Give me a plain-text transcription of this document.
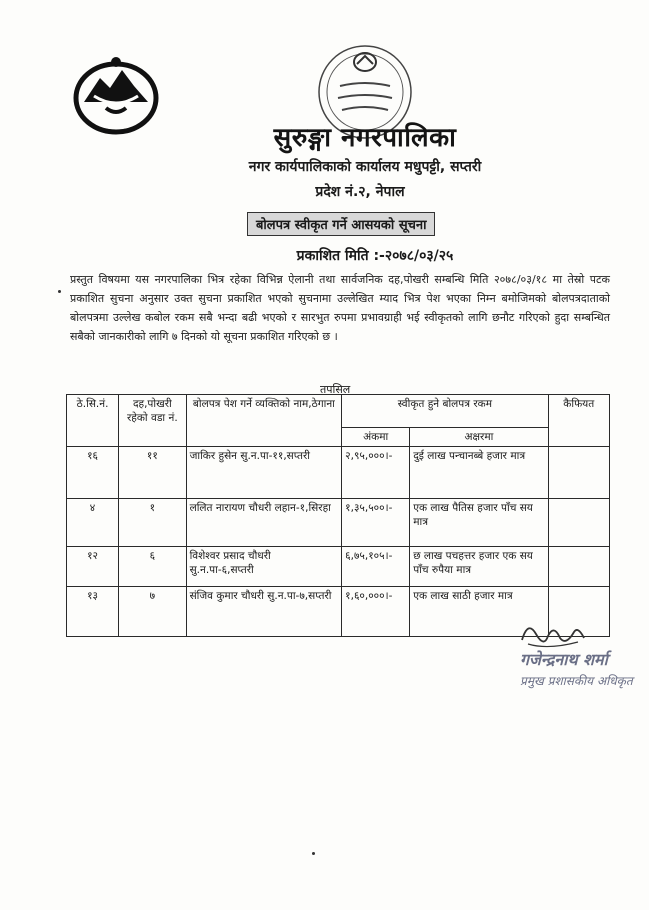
सुरुङ्गा नगरपालिका
नगर कार्यपालिकाको कार्यालय मधुपट्टी, सप्तरी
प्रदेश नं.२, नेपाल
बोलपत्र स्वीकृत गर्ने आसयको सूचना
प्रकाशित मिति :-२०७८/०३/२५
प्रस्तुत विषयमा यस नगरपालिका भित्र रहेका विभिन्न ऐलानी तथा सार्वजनिक दह,पोखरी सम्बन्धि मिति २०७८/०३/१८ मा तेस्रो पटक प्रकाशित सुचना अनुसार उक्त सुचना प्रकाशित भएको सुचनामा उल्लेखित म्याद भित्र पेश भएका निम्न बमोजिमको बोलपत्रदाताको बोलपत्रमा उल्लेख कबोल रकम सबै भन्दा बढी भएको र सारभुत रुपमा प्रभावग्राही भई स्वीकृतको लागि छनौट गरिएको हुदा सम्बन्धित सबैको जानकारीको लागि ७ दिनको यो सूचना प्रकाशित गरिएको छ ।
तपसिल
ठे.सि.नं.	दह,पोखरी रहेको वडा नं.	बोलपत्र पेश गर्ने व्यक्तिको नाम,ठेगाना	स्वीकृत हुने बोलपत्र रकम		कैफियत
			अंकमा	अक्षरमा	
१६	११	जाकिर हुसेन सु.न.पा-११,सप्तरी	२,९५,०००।-	दुई लाख पन्चानब्बे हजार मात्र	
४	१	ललित नारायण चौधरी लहान-१,सिरहा	१,३५,५००।-	एक लाख पैतिस हजार पाँच सय मात्र	
१२	६	विशेश्वर प्रसाद चौधरी सु.न.पा-६,सप्तरी	६,७५,१०५।-	छ लाख पचहत्तर हजार एक सय पाँच रुपैया मात्र	
१३	७	संजिव कुमार चौधरी सु.न.पा-७,सप्तरी	१,६०,०००।-	एक लाख साठी हजार मात्र	
गजेन्द्रनाथ शर्मा
प्रमुख प्रशासकीय अधिकृत
